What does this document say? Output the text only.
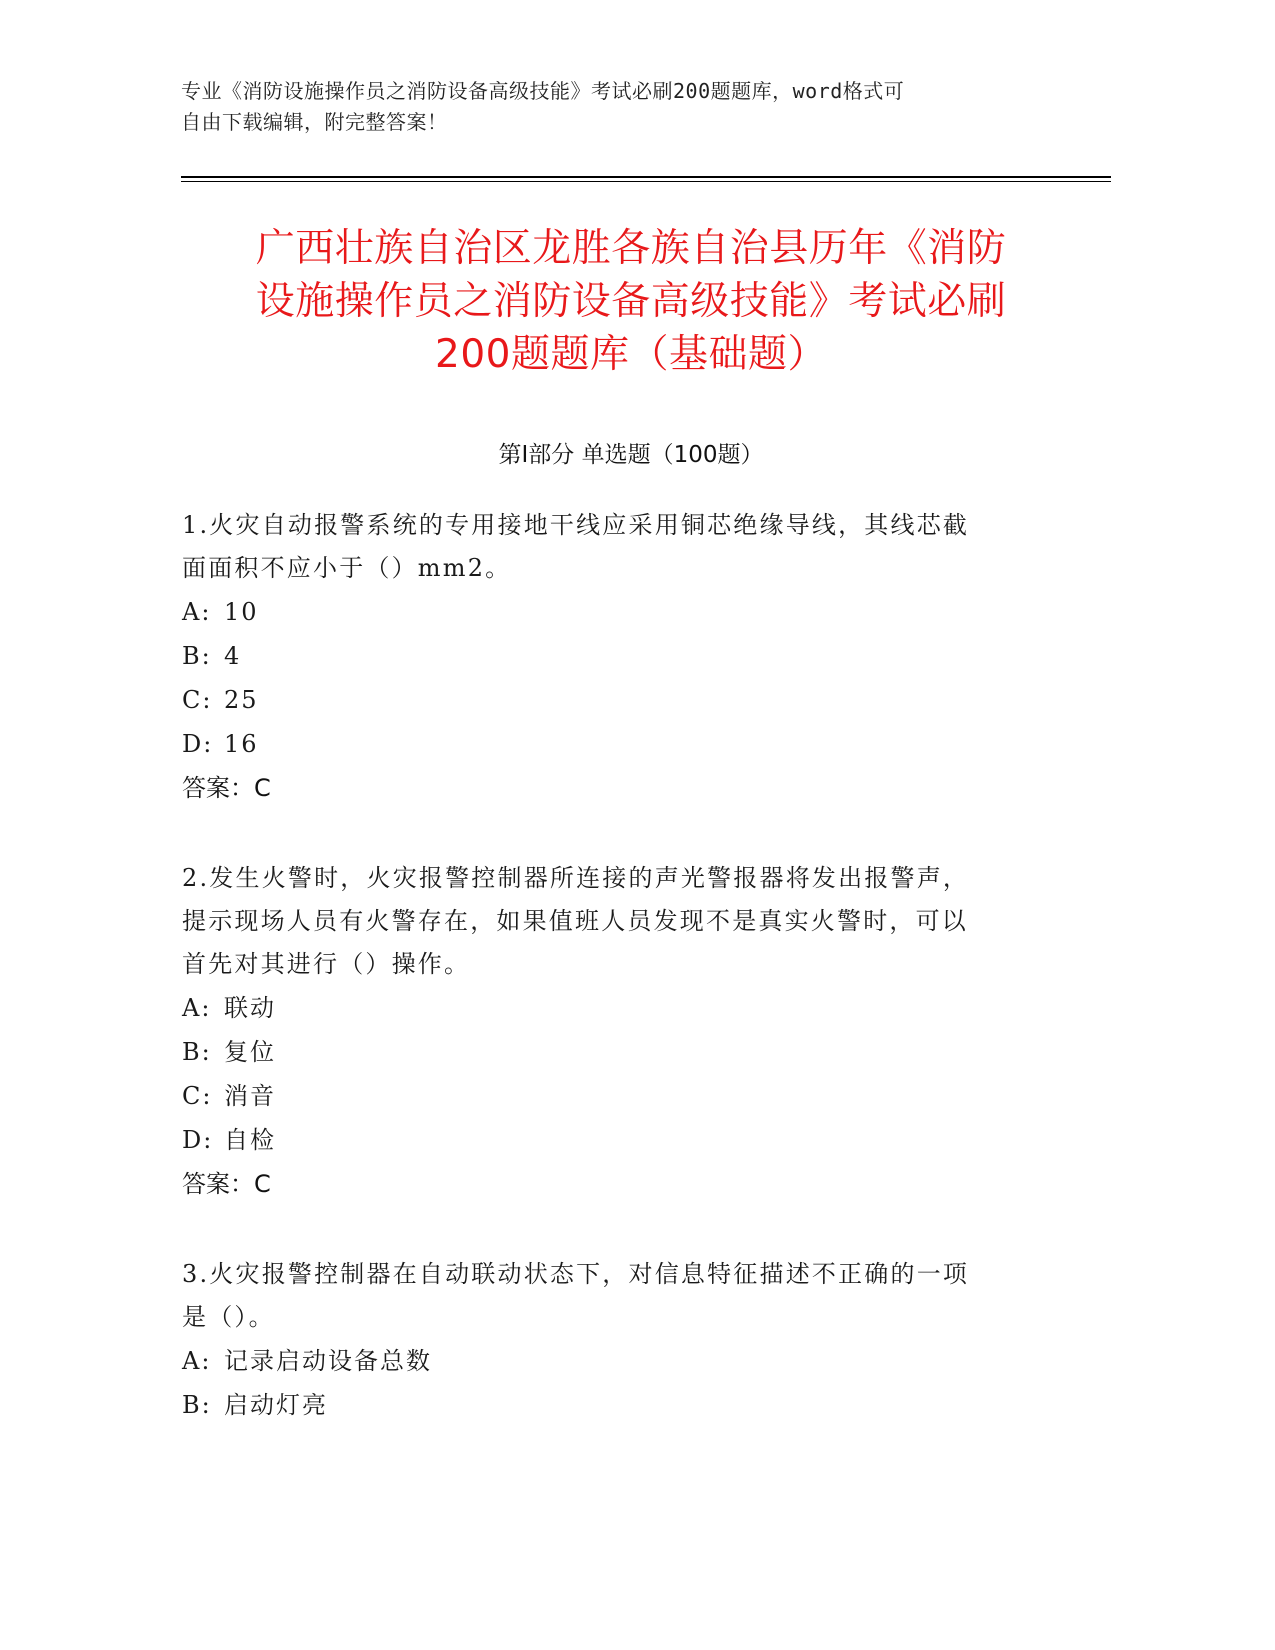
专业《消防设施操作员之消防设备高级技能》考试必刷200题题库，word格式可
自由下载编辑，附完整答案！
广西壮族自治区龙胜各族自治县历年《消防
设施操作员之消防设备高级技能》考试必刷
200题题库（基础题）
第I部分 单选题（100题）
1.火灾自动报警系统的专用接地干线应采用铜芯绝缘导线，其线芯截
面面积不应小于（）mm2。
A: 10
B: 4
C: 25
D: 16
答案：C
2.发生火警时，火灾报警控制器所连接的声光警报器将发出报警声，
提示现场人员有火警存在，如果值班人员发现不是真实火警时，可以
首先对其进行（）操作。
A: 联动
B: 复位
C: 消音
D: 自检
答案：C
3.火灾报警控制器在自动联动状态下，对信息特征描述不正确的一项
是（）。
A: 记录启动设备总数
B: 启动灯亮
